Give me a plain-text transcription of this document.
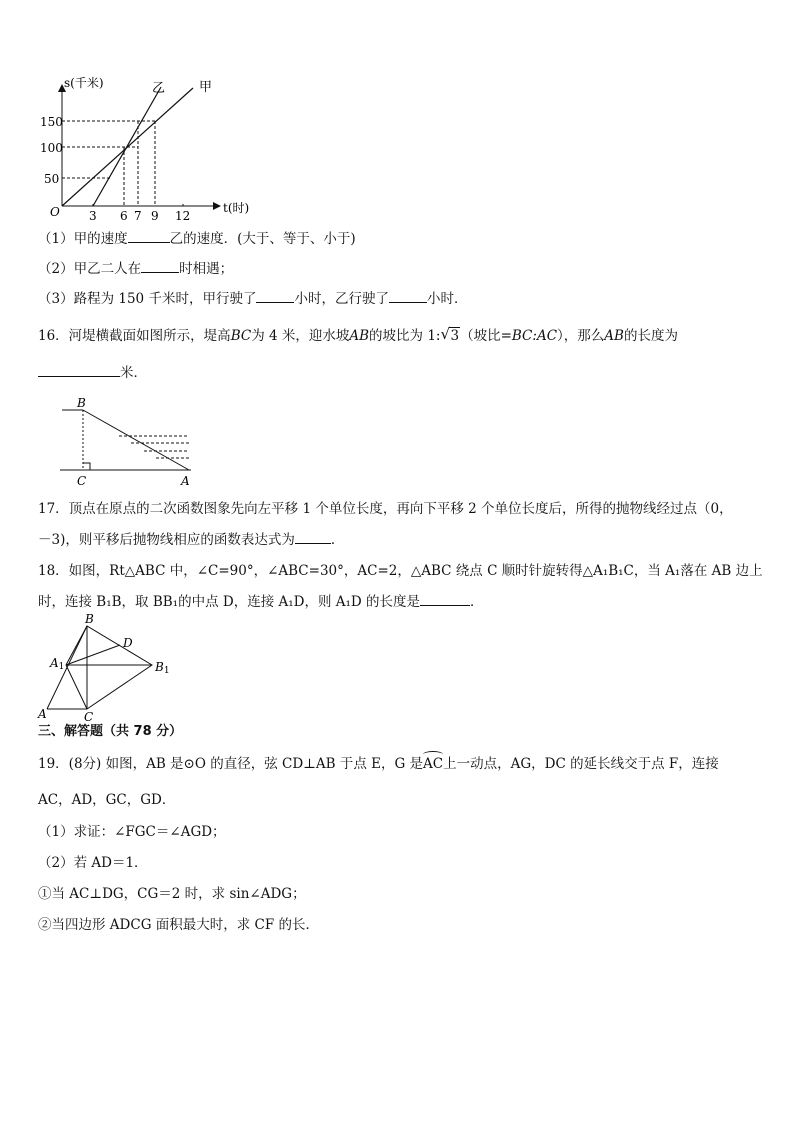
s(千米)
t(时)
O
甲
乙
150
100
50
3 6 7 9 12
（1）甲的速度	乙的速度．(大于、等于、小于)
（2）甲乙二人在	时相遇；
（3）路程为 150 千米时，甲行驶了	小时，乙行驶了	小时．
16．河堤横截面如图所示，堤高BC为 4 米，迎水坡AB的坡比为 1:√ 3（坡比=BC:AC），那么AB的长度为
米．
B
C	A
17．顶点在原点的二次函数图象先向左平移 1 个单位长度，再向下平移 2 个单位长度后，所得的抛物线经过点（0，
－3)，则平移后抛物线相应的函数表达式为	．
18．如图，Rt△ABC 中，∠C=90°，∠ABC=30°，AC=2，△ABC 绕点 C 顺时针旋转得△A₁B₁C，当 A₁落在 AB 边上
时，连接 B₁B，取 BB₁的中点 D，连接 A₁D，则 A₁D 的长度是	．
B
D
A1	B1
A	C
三、解答题（共 78 分）
19．(8分) 如图，AB 是⊙O 的直径，弦 CD⊥AB 于点 E，G 是AC上一动点，AG，DC 的延长线交于点 F，连接
AC，AD，GC，GD．
（1）求证：∠FGC＝∠AGD；
（2）若 AD＝1．
①当 AC⊥DG，CG＝2 时，求 sin∠ADG；
②当四边形 ADCG 面积最大时，求 CF 的长．
